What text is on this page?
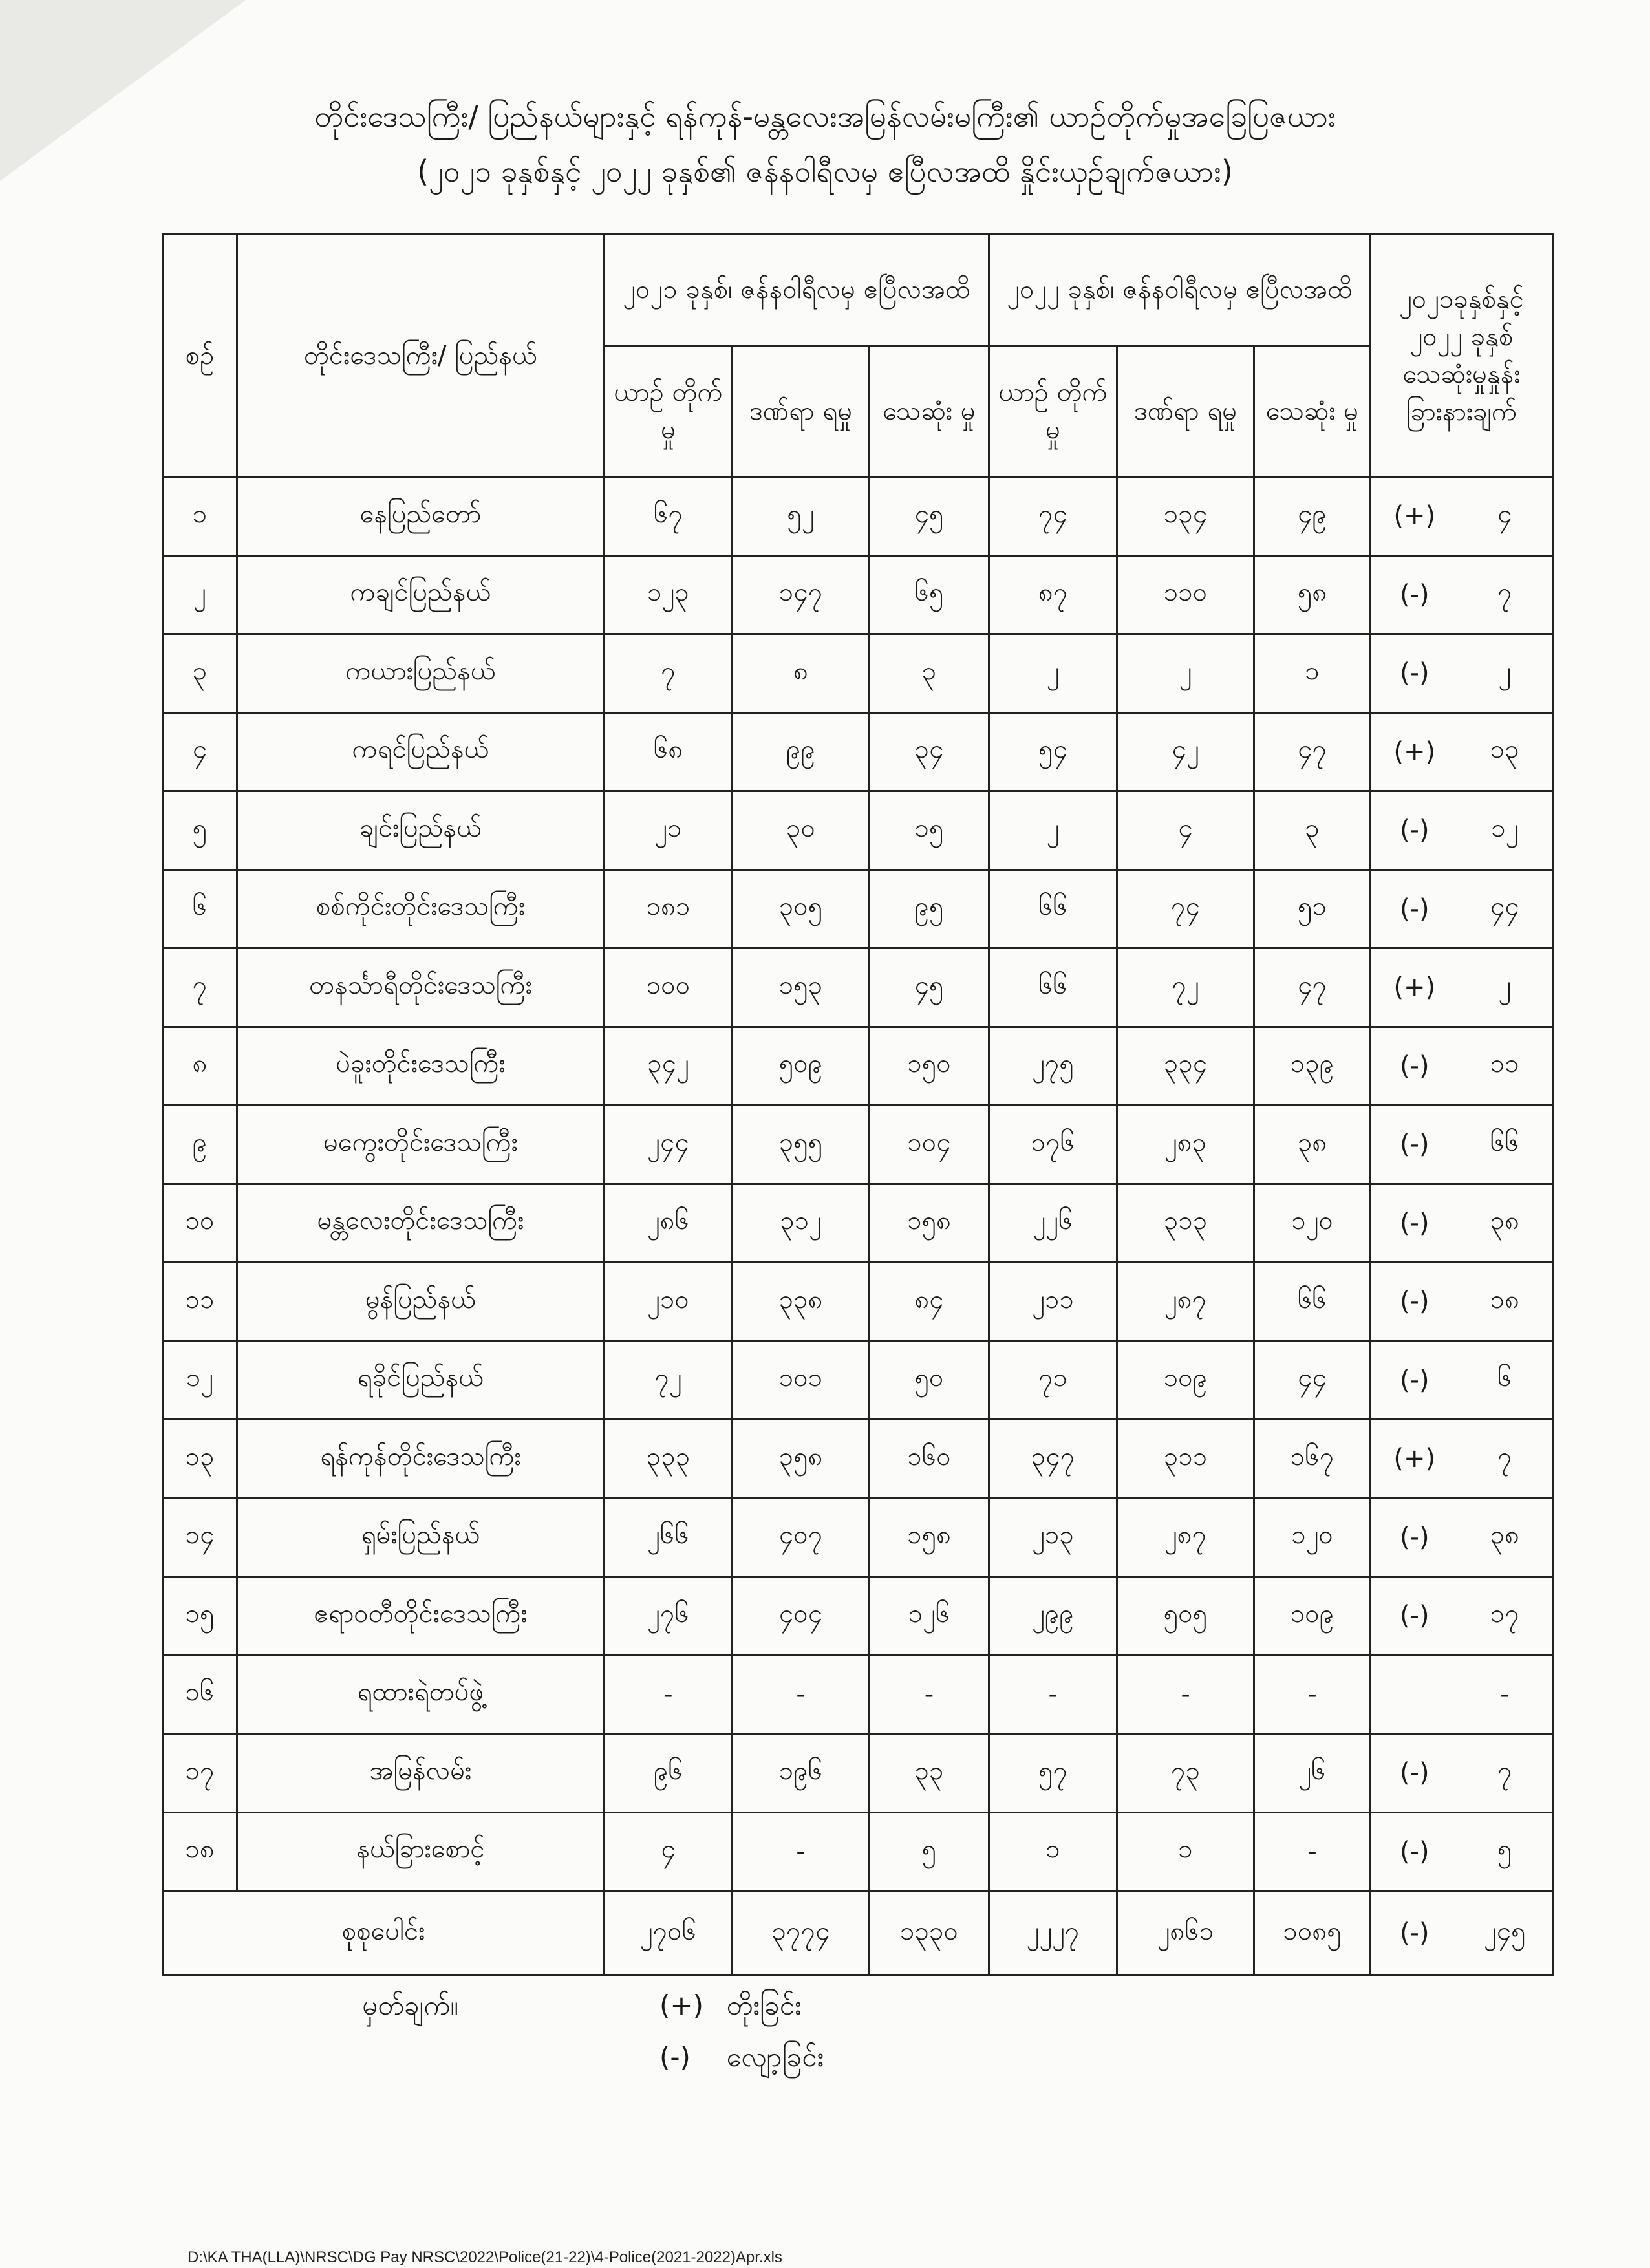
တိုင်းဒေသကြီး/ ပြည်နယ်များနှင့် ရန်ကုန်-မန္တလေးအမြန်လမ်းမကြီး၏ ယာဉ်တိုက်မှုအခြေပြဇယား
(၂၀၂၁ ခုနှစ်နှင့် ၂၀၂၂ ခုနှစ်၏ ဇန်နဝါရီလမှ ဧပြီလအထိ နှိုင်းယှဉ်ချက်ဇယား)
စဉ်	တိုင်းဒေသကြီး/ ပြည်နယ်	၂၀၂၁ ခုနှစ်၊ ဇန်နဝါရီလမှ ဧပြီလအထိ			၂၀၂၂ ခုနှစ်၊ ဇန်နဝါရီလမှ ဧပြီလအထိ			၂၀၂၁ခုနှစ်နှင့် ၂၀၂၂ ခုနှစ် သေဆုံးမှုနှုန်း ခြားနားချက်	
		ယာဉ် တိုက်မှု	ဒဏ်ရာ ရမှု	သေဆုံး မှု	ယာဉ် တိုက်မှု	ဒဏ်ရာ ရမှု	သေဆုံး မှု		
၁	နေပြည်တော်	၆၇	၅၂	၄၅	၇၄	၁၃၄	၄၉	(+)	၄
၂	ကချင်ပြည်နယ်	၁၂၃	၁၄၇	၆၅	၈၇	၁၁၀	၅၈	(-)	၇
၃	ကယားပြည်နယ်	၇	၈	၃	၂	၂	၁	(-)	၂
၄	ကရင်ပြည်နယ်	၆၈	၉၉	၃၄	၅၄	၄၂	၄၇	(+)	၁၃
၅	ချင်းပြည်နယ်	၂၁	၃၀	၁၅	၂	၄	၃	(-)	၁၂
၆	စစ်ကိုင်းတိုင်းဒေသကြီး	၁၈၁	၃၀၅	၉၅	၆၆	၇၄	၅၁	(-)	၄၄
၇	တနင်္သာရီတိုင်းဒေသကြီး	၁၀၀	၁၅၃	၄၅	၆၆	၇၂	၄၇	(+)	၂
၈	ပဲခူးတိုင်းဒေသကြီး	၃၄၂	၅၀၉	၁၅၀	၂၇၅	၃၃၄	၁၃၉	(-)	၁၁
၉	မကွေးတိုင်းဒေသကြီး	၂၄၄	၃၅၅	၁၀၄	၁၇၆	၂၈၃	၃၈	(-)	၆၆
၁၀	မန္တလေးတိုင်းဒေသကြီး	၂၈၆	၃၁၂	၁၅၈	၂၂၆	၃၁၃	၁၂၀	(-)	၃၈
၁၁	မွန်ပြည်နယ်	၂၁၀	၃၃၈	၈၄	၂၁၁	၂၈၇	၆၆	(-)	၁၈
၁၂	ရခိုင်ပြည်နယ်	၇၂	၁၀၁	၅၀	၇၁	၁၀၉	၄၄	(-)	၆
၁၃	ရန်ကုန်တိုင်းဒေသကြီး	၃၃၃	၃၅၈	၁၆၀	၃၄၇	၃၁၁	၁၆၇	(+)	၇
၁၄	ရှမ်းပြည်နယ်	၂၆၆	၄၀၇	၁၅၈	၂၁၃	၂၈၇	၁၂၀	(-)	၃၈
၁၅	ဧရာဝတီတိုင်းဒေသကြီး	၂၇၆	၄၀၄	၁၂၆	၂၉၉	၅၀၅	၁၀၉	(-)	၁၇
၁၆	ရထားရဲတပ်ဖွဲ့	-	-	-	-	-	-		-
၁၇	အမြန်လမ်း	၉၆	၁၉၆	၃၃	၅၇	၇၃	၂၆	(-)	၇
၁၈	နယ်ခြားစောင့်	၄	-	၅	၁	၁	-	(-)	၅
စုစုပေါင်း		၂၇၀၆	၃၇၇၄	၁၃၃၀	၂၂၂၇	၂၈၆၁	၁၀၈၅	(-)	၂၄၅
မှတ်ချက်။	(+) တိုးခြင်း
(-) လျော့ခြင်း
D:\KA THA(LLA)\NRSC\DG Pay NRSC\2022\Police(21-22)\4-Police(2021-2022)Apr.xls
